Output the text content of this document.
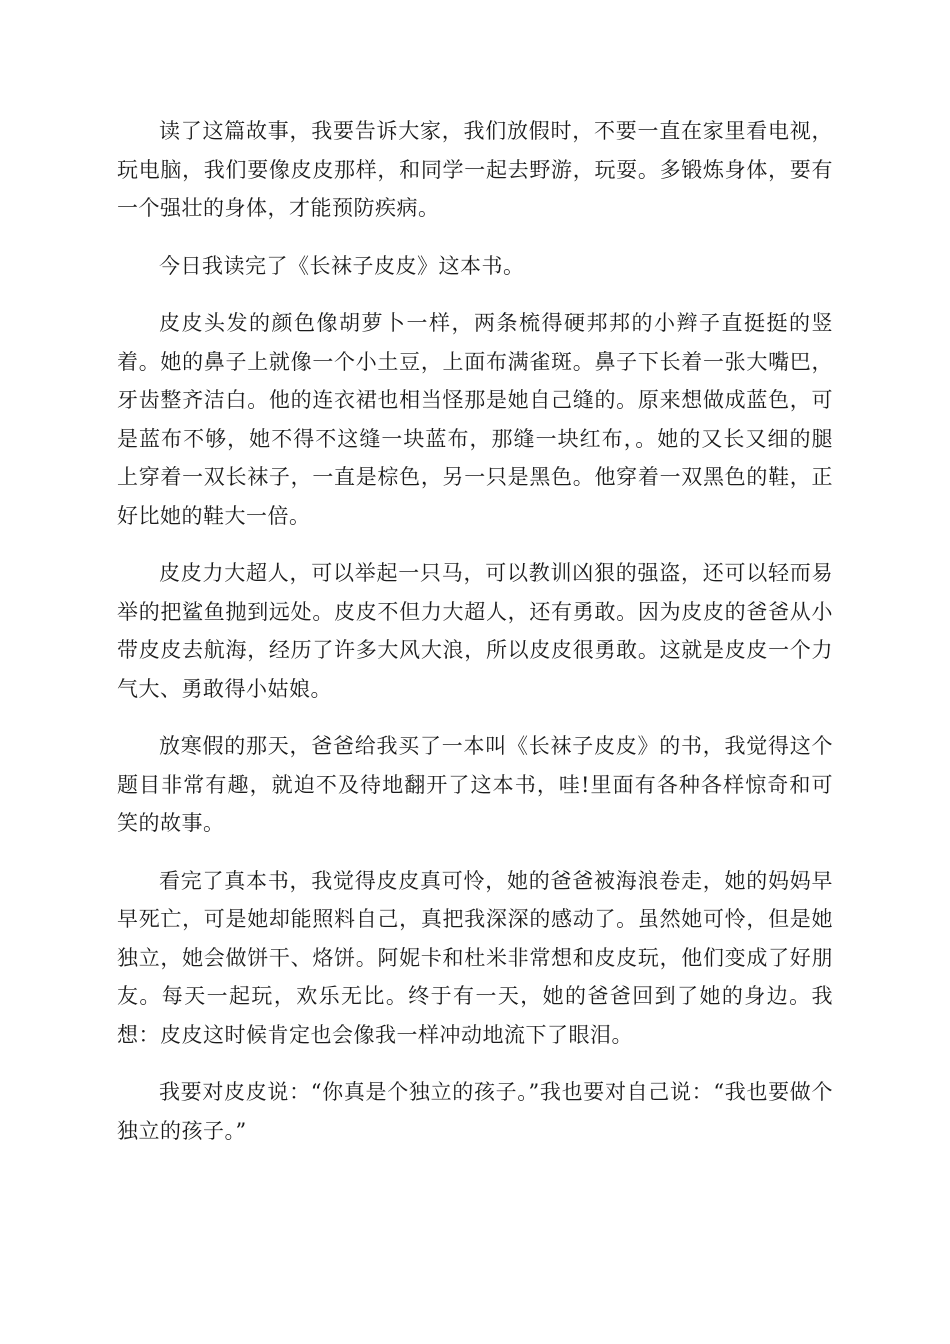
读了这篇故事，我要告诉大家，我们放假时，不要一直在家里看电视，玩电脑，我们要像皮皮那样，和同学一起去野游，玩耍。多锻炼身体，要有一个强壮的身体，才能预防疾病。

今日我读完了《长袜子皮皮》这本书。

皮皮头发的颜色像胡萝卜一样，两条梳得硬邦邦的小辫子直挺挺的竖着。她的鼻子上就像一个小土豆，上面布满雀斑。鼻子下长着一张大嘴巴，牙齿整齐洁白。他的连衣裙也相当怪那是她自己缝的。原来想做成蓝色，可是蓝布不够，她不得不这缝一块蓝布，那缝一块红布，。她的又长又细的腿上穿着一双长袜子，一直是棕色，另一只是黑色。他穿着一双黑色的鞋，正好比她的鞋大一倍。

皮皮力大超人，可以举起一只马，可以教训凶狠的强盗，还可以轻而易举的把鲨鱼抛到远处。皮皮不但力大超人，还有勇敢。因为皮皮的爸爸从小带皮皮去航海，经历了许多大风大浪，所以皮皮很勇敢。这就是皮皮一个力气大、勇敢得小姑娘。

放寒假的那天，爸爸给我买了一本叫《长袜子皮皮》的书，我觉得这个题目非常有趣，就迫不及待地翻开了这本书，哇!里面有各种各样惊奇和可笑的故事。

看完了真本书，我觉得皮皮真可怜，她的爸爸被海浪卷走，她的妈妈早早死亡，可是她却能照料自己，真把我深深的感动了。虽然她可怜，但是她独立，她会做饼干、烙饼。阿妮卡和杜米非常想和皮皮玩，他们变成了好朋友。每天一起玩，欢乐无比。终于有一天，她的爸爸回到了她的身边。我想：皮皮这时候肯定也会像我一样冲动地流下了眼泪。

我要对皮皮说：“你真是个独立的孩子。”我也要对自己说：“我也要做个独立的孩子。”
